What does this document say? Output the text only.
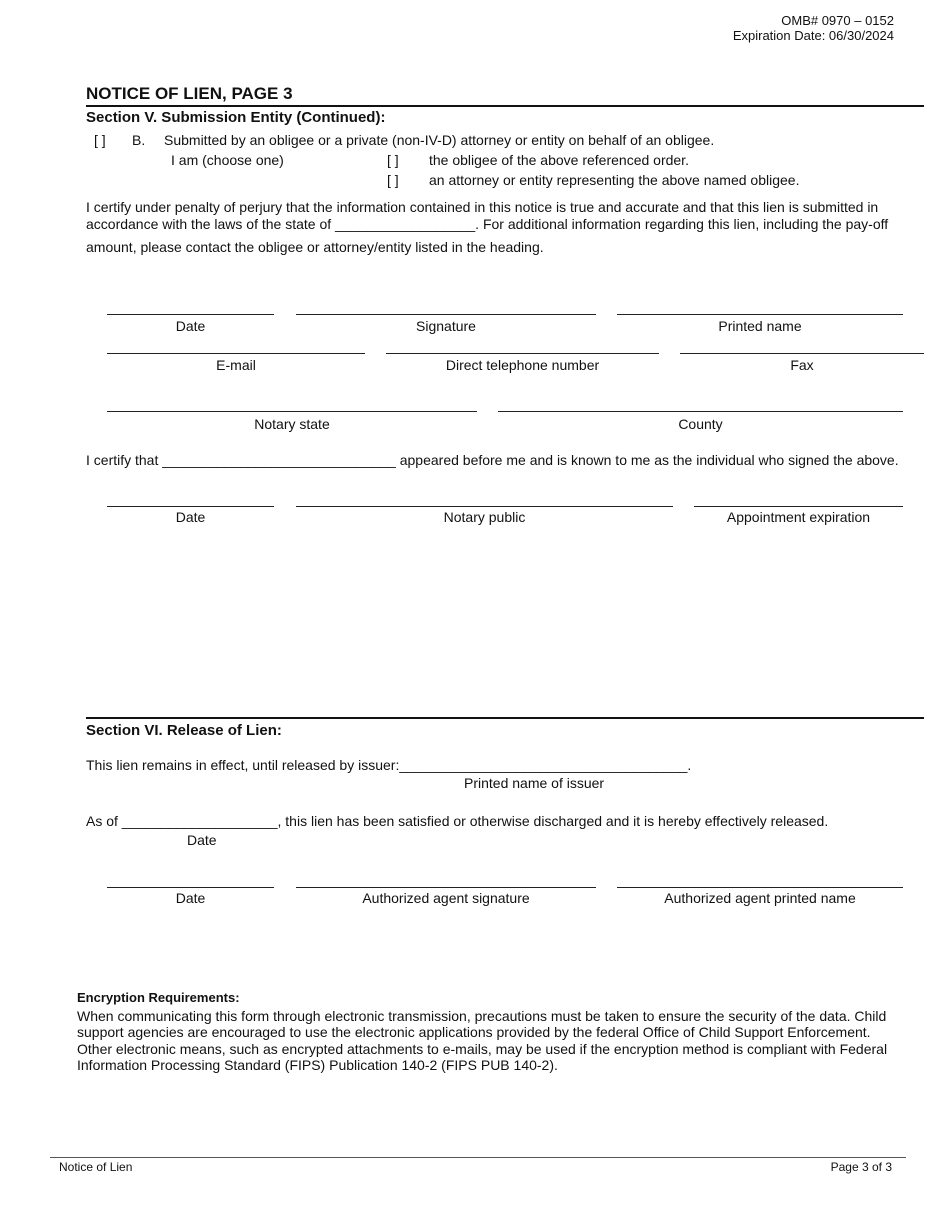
OMB# 0970 – 0152
Expiration Date: 06/30/2024
NOTICE OF LIEN, PAGE 3
Section V. Submission Entity (Continued):
[ ] B. Submitted by an obligee or a private (non-IV-D) attorney or entity on behalf of an obligee.
I am (choose one)	[ ] the obligee of the above referenced order.
[ ] an attorney or entity representing the above named obligee.
I certify under penalty of perjury that the information contained in this notice is true and accurate and that this lien is submitted in
accordance with the laws of the state of __________________. For additional information regarding this lien, including the pay-off
amount, please contact the obligee or attorney/entity listed in the heading.
Date	Signature	Printed name
E-mail	Direct telephone number	Fax
Notary state	County
I certify that ______________________________ appeared before me and is known to me as the individual who signed the above.
Date	Notary public	Appointment expiration
Section VI. Release of Lien:
This lien remains in effect, until released by issuer:_____________________________________.
Printed name of issuer
As of ____________________, this lien has been satisfied or otherwise discharged and it is hereby effectively released.
Date
Date	Authorized agent signature	Authorized agent printed name
Encryption Requirements:
When communicating this form through electronic transmission, precautions must be taken to ensure the security of the data. Child
support agencies are encouraged to use the electronic applications provided by the federal Office of Child Support Enforcement.
Other electronic means, such as encrypted attachments to e-mails, may be used if the encryption method is compliant with Federal
Information Processing Standard (FIPS) Publication 140-2 (FIPS PUB 140-2).
Notice of Lien	Page 3 of 3
